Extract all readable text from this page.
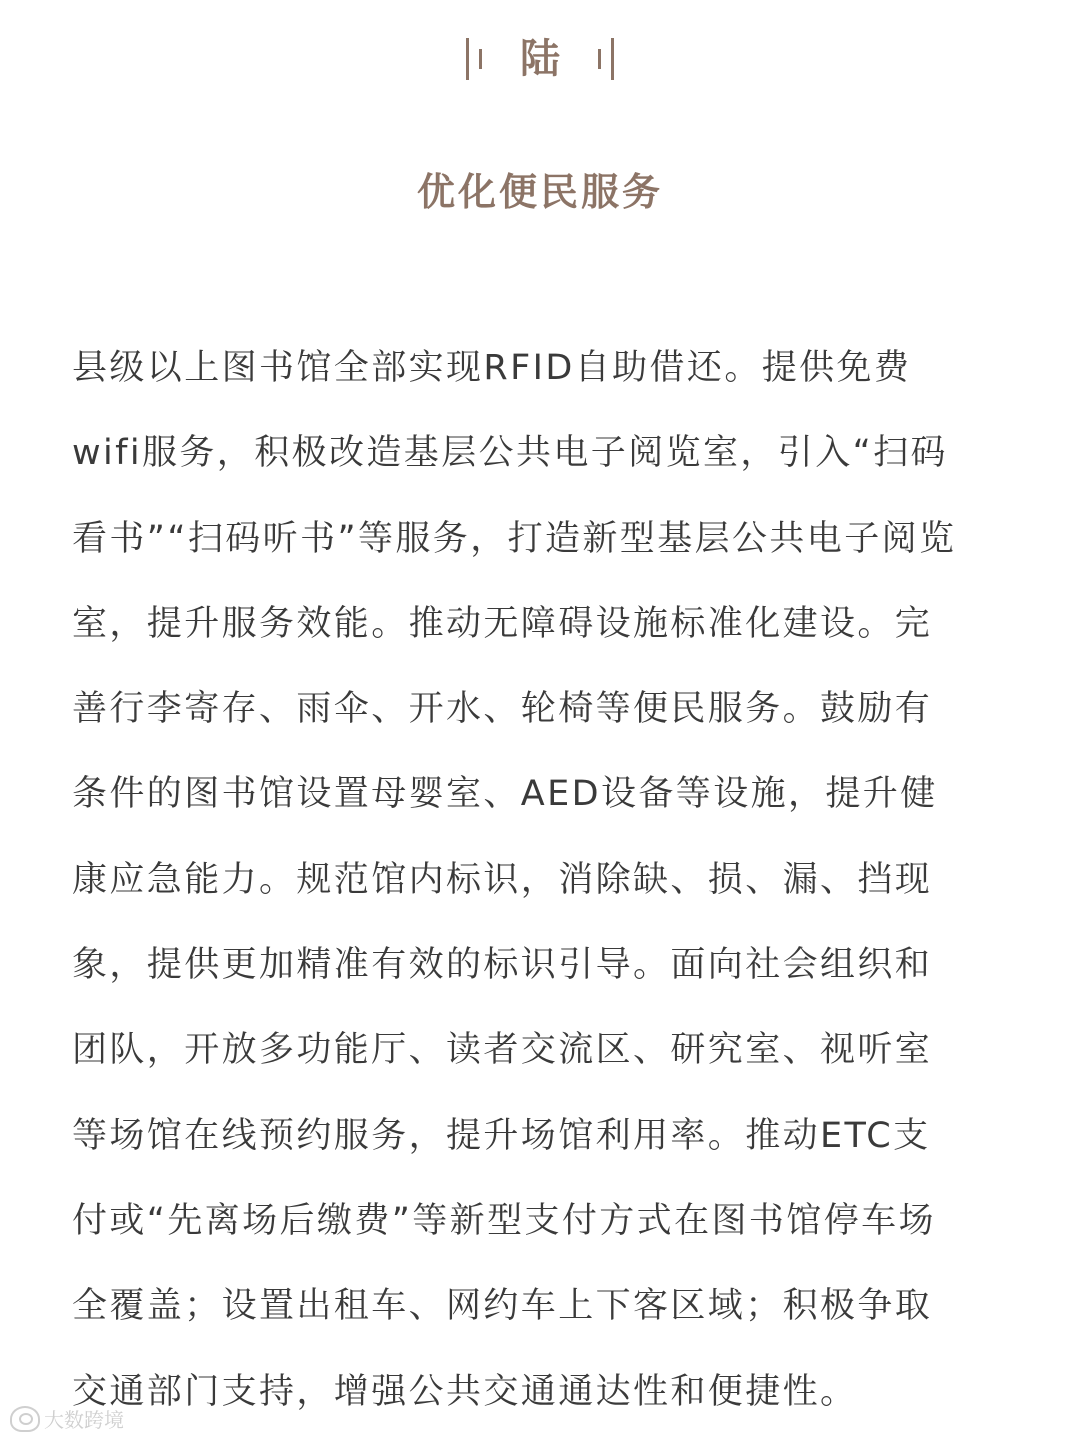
陆
优化便民服务
县级以上图书馆全部实现RFID自助借还。提供免费
wifi服务，积极改造基层公共电子阅览室，引入“扫码
看书”“扫码听书”等服务，打造新型基层公共电子阅览
室，提升服务效能。推动无障碍设施标准化建设。完
善行李寄存、雨伞、开水、轮椅等便民服务。鼓励有
条件的图书馆设置母婴室、AED设备等设施，提升健
康应急能力。规范馆内标识，消除缺、损、漏、挡现
象，提供更加精准有效的标识引导。面向社会组织和
团队，开放多功能厅、读者交流区、研究室、视听室
等场馆在线预约服务，提升场馆利用率。推动ETC支
付或“先离场后缴费”等新型支付方式在图书馆停车场
全覆盖；设置出租车、网约车上下客区域；积极争取
交通部门支持，增强公共交通通达性和便捷性。
大数跨境
